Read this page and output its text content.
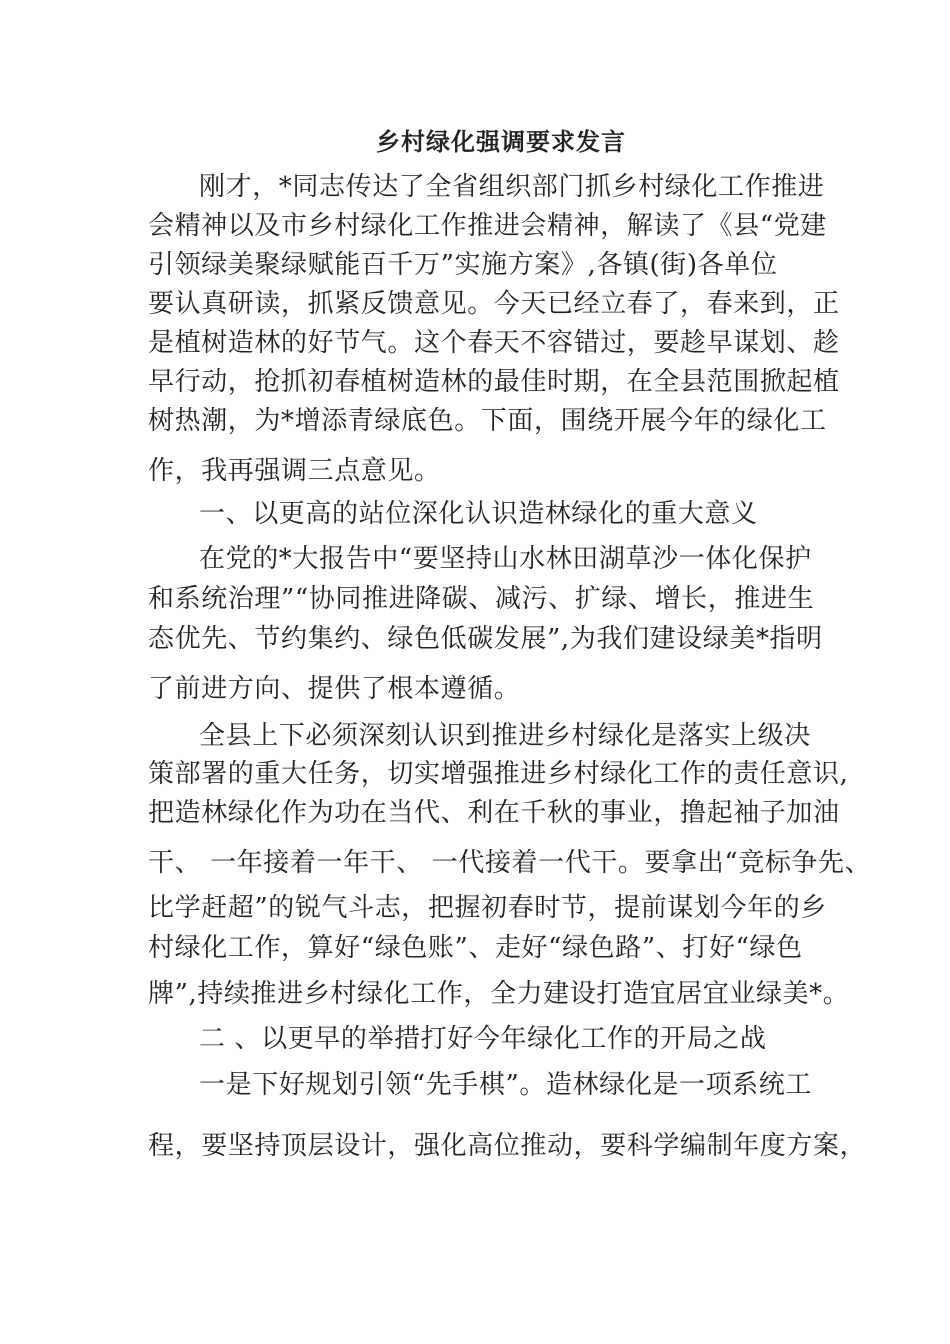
乡村绿化强调要求发言
刚才，*同志传达了全省组织部门抓乡村绿化工作推进
会精神以及市乡村绿化工作推进会精神，解读了《县“党建
引领绿美聚绿赋能百千万”实施方案》,各镇(街)各单位
要认真研读，抓紧反馈意见。今天已经立春了，春来到，正
是植树造林的好节气。这个春天不容错过，要趁早谋划、趁
早行动，抢抓初春植树造林的最佳时期，在全县范围掀起植
树热潮，为*增添青绿底色。下面，围绕开展今年的绿化工
作，我再强调三点意见。
一、以更高的站位深化认识造林绿化的重大意义
在党的*大报告中“要坚持山水林田湖草沙一体化保护
和系统治理”“协同推进降碳、减污、扩绿、增长，推进生
态优先、节约集约、绿色低碳发展”,为我们建设绿美*指明
了前进方向、提供了根本遵循。
全县上下必须深刻认识到推进乡村绿化是落实上级决
策部署的重大任务，切实增强推进乡村绿化工作的责任意识,
把造林绿化作为功在当代、利在千秋的事业，撸起袖子加油
干、 一年接着一年干、 一代接着一代干。要拿出“竞标争先、
比学赶超”的锐气斗志，把握初春时节，提前谋划今年的乡
村绿化工作，算好“绿色账”、走好“绿色路”、打好“绿色
牌”,持续推进乡村绿化工作，全力建设打造宜居宜业绿美*。
二 、以更早的举措打好今年绿化工作的开局之战
一是下好规划引领“先手棋”。造林绿化是一项系统工
程，要坚持顶层设计，强化高位推动，要科学编制年度方案，
